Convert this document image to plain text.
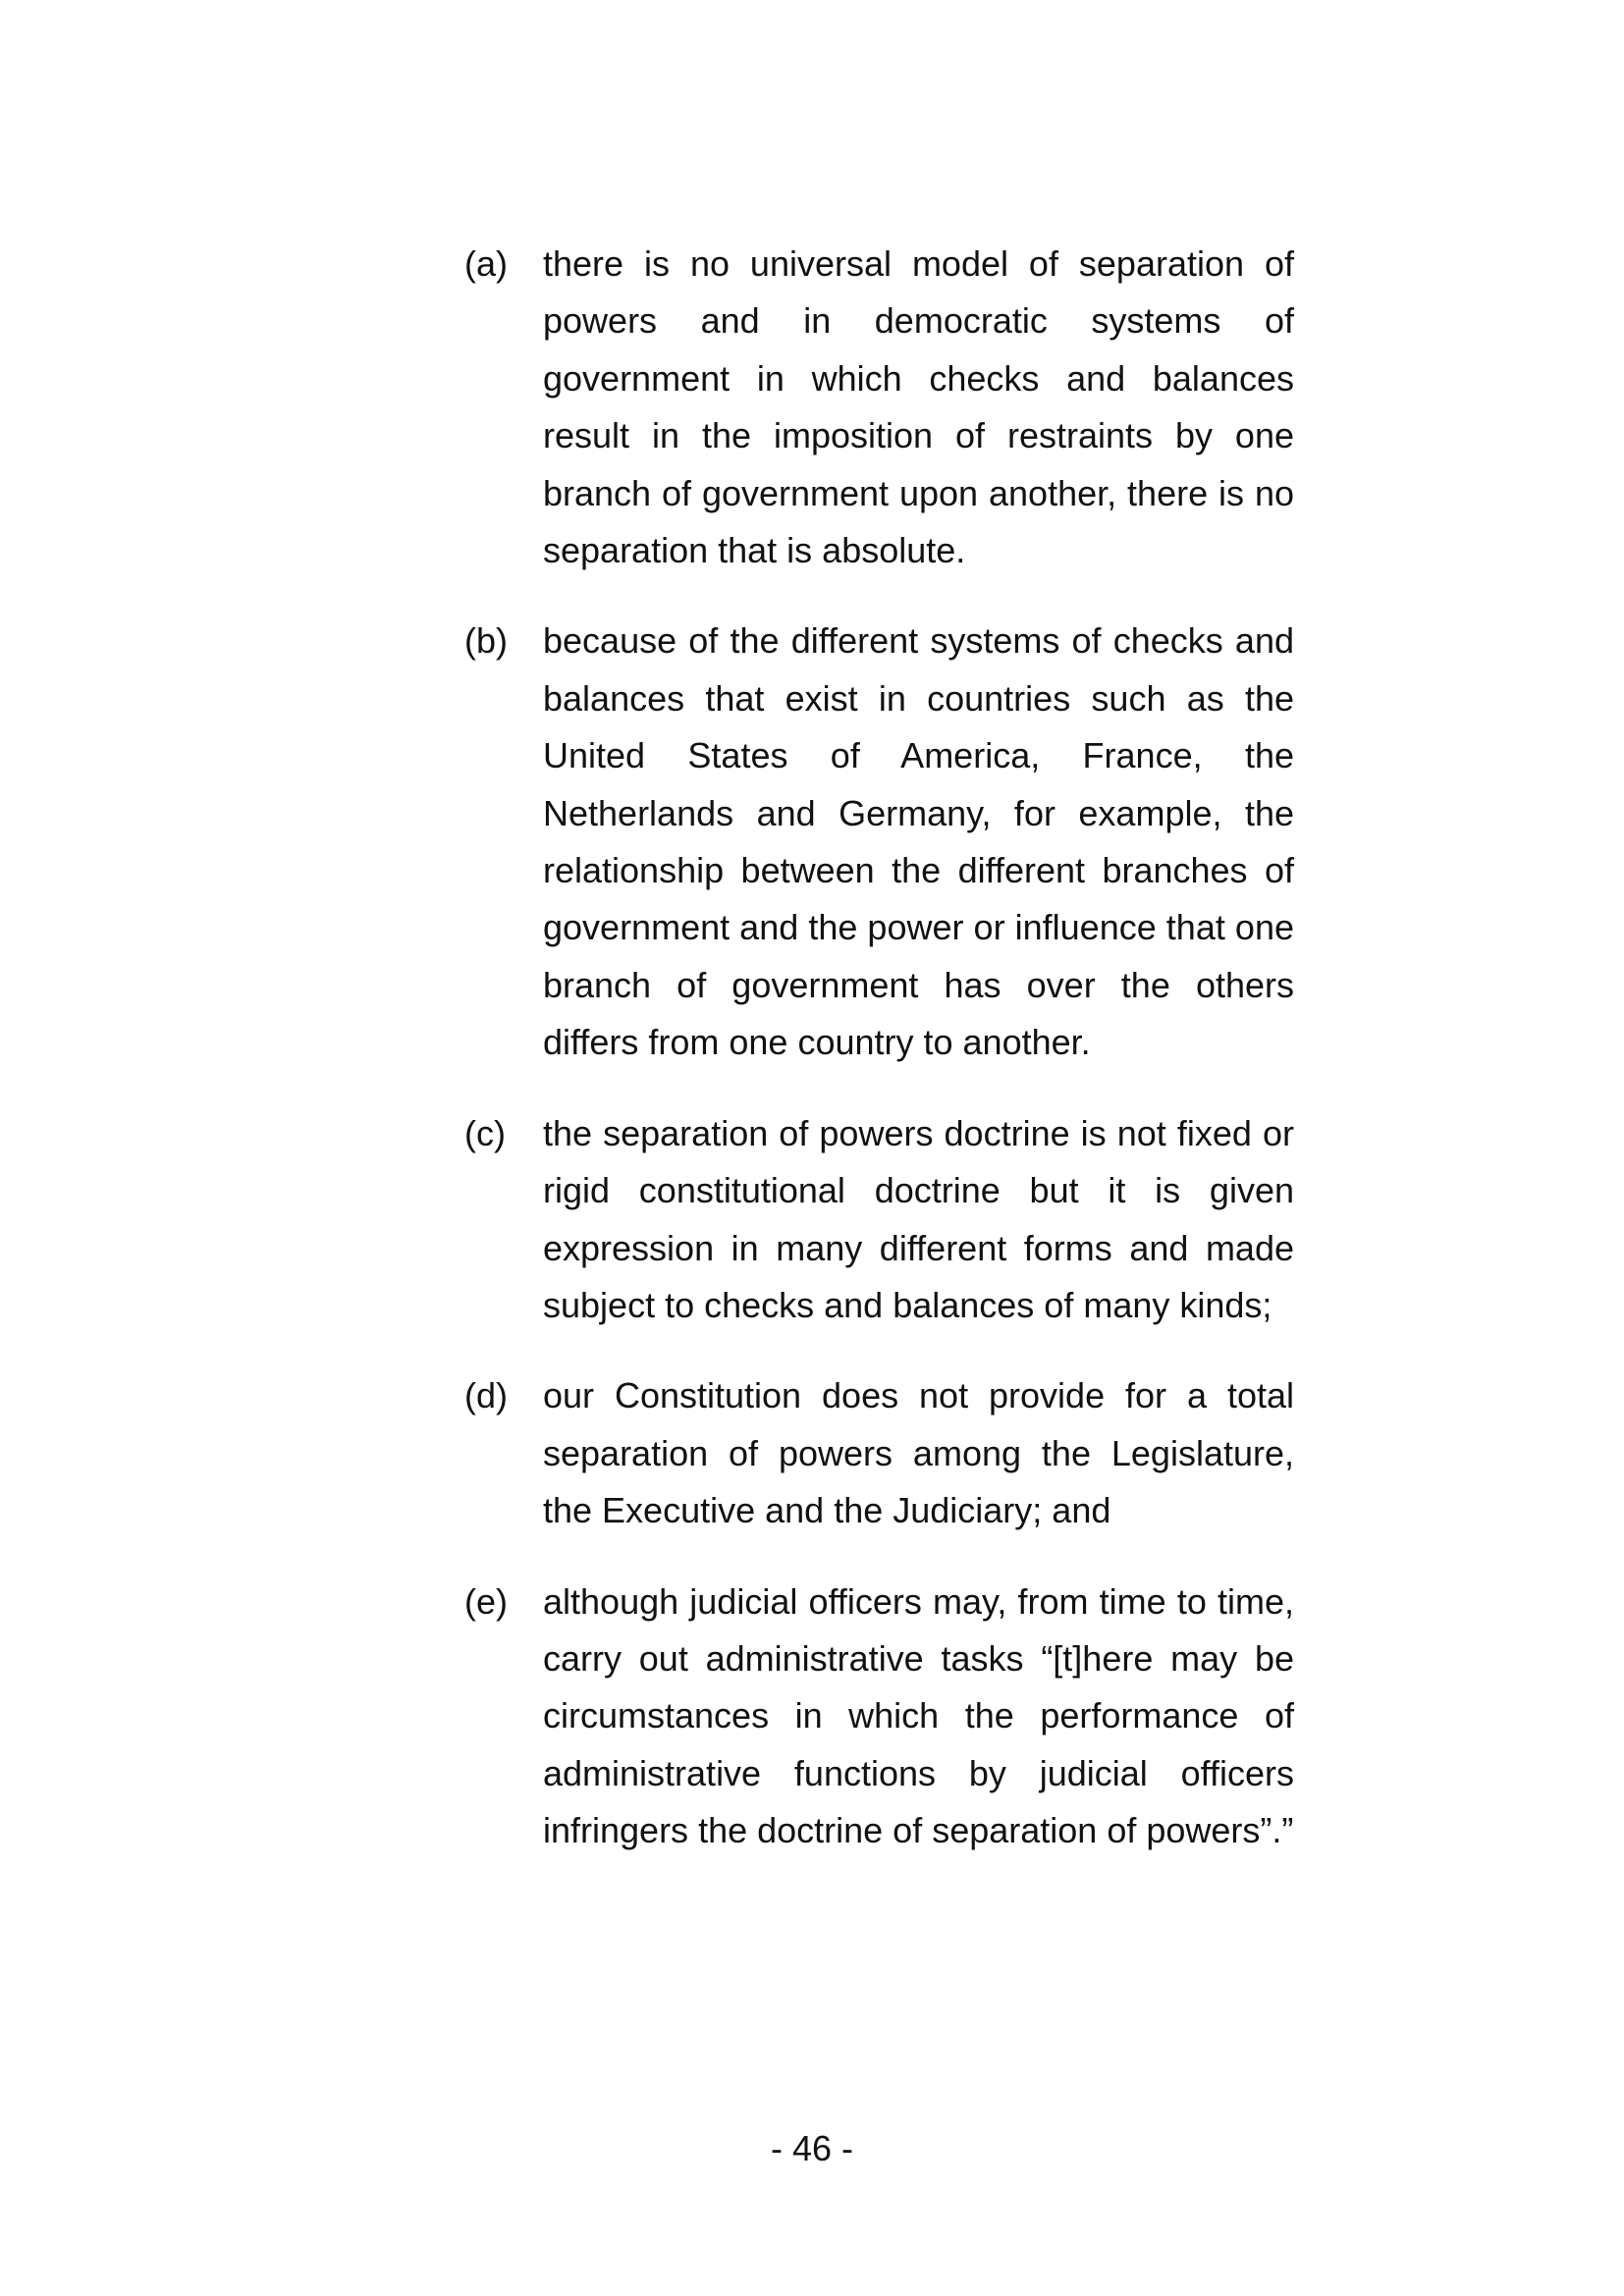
(a)	there is no universal model of separation of powers and in democratic systems of government in which checks and balances result in the imposition of restraints by one branch of government upon another, there is no separation that is absolute.
(b)	because of the different systems of checks and balances that exist in countries such as the United States of America, France, the Netherlands and Germany, for example, the relationship between the different branches of government and the power or influence that one branch of government has over the others differs from one country to another.
(c)	the separation of powers doctrine is not fixed or rigid constitutional doctrine but it is given expression in many different forms and made subject to checks and balances of many kinds;
(d)	our Constitution does not provide for a total separation of powers among the Legislature, the Executive and the Judiciary; and
(e)	although judicial officers may, from time to time, carry out administrative tasks “[t]here may be circumstances in which the performance of administrative functions by judicial officers infringers the doctrine of separation of powers”.”
- 46 -
